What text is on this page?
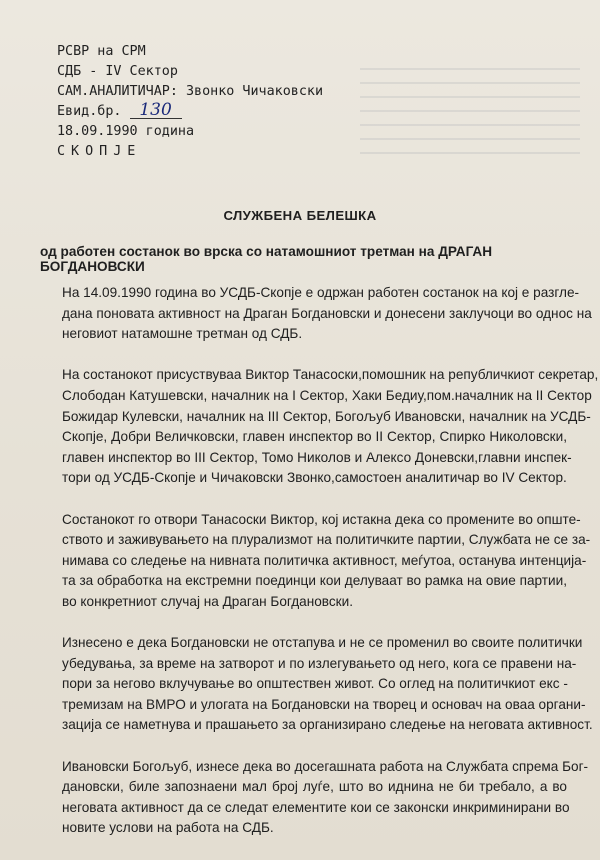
РСВР на СРМ
СДБ - IV Сектор
САМ.АНАЛИТИЧАР: Звонко Чичаковски
Евид.бр. 130
18.09.1990 година
СКОПЈЕ
СЛУЖБЕНА БЕЛЕШКА
од работен состанок во врска со натамошниот третман на ДРАГАН БОГДАНОВСКИ

На 14.09.1990 година во УСДБ-Скопје е одржан работен состанок на кој е разгле-
дана поновата активност на Драган Богдановски и донесени заклучоци во однос на
неговиот натамошне третман од СДБ.

На состанокот присуствуваа Виктор Танасоски,помошник на републичкиот секретар,
Слободан Катушевски, началник на I Сектор, Хаки Бедиу,пом.началник на II Сектор
Божидар Кулевски, началник на III Сектор, Богољуб Ивановски, началник на УСДБ-
Скопје, Добри Величковски, главен инспектор во II Сектор, Спирко Николовски,
главен инспектор во III Сектор, Томо Николов и Алексо Доневски,главни инспек-
тори од УСДБ-Скопје и Чичаковски Звонко,самостоен аналитичар во IV Сектор.

Состанокот го отвори Танасоски Виктор, кој истакна дека со промените во опште-
ството и заживувањето на плурализмот на политичките партии, Службата не се за-
нимава со следење на нивната политичка активност, меѓутоа, останува интенција-
та за обработка на екстремни поединци кои делуваат во рамка на овие партии,
во конкретниот случај на Драган Богдановски.

Изнесено е дека Богдановски не отстапува и не се променил во своите политички
убедувања, за време на затворот и по излегувањето од него, кога се правени на-
пори за негово вклучување во општествен живот. Со оглед на политичкиот екс -
тремизам на ВМРО и улогата на Богдановски на творец и основач на оваа органи-
зација се наметнува и прашањето за организирано следење на неговата активност.

Ивановски Богољуб, изнесе дека во досегашната работа на Службата спрема Бог-
дановски, биле запознаени мал број луѓе, што во иднина не би требало, а во
неговата активност да се следат елементите кои се законски инкриминирани во
новите услови на работа на СДБ.
